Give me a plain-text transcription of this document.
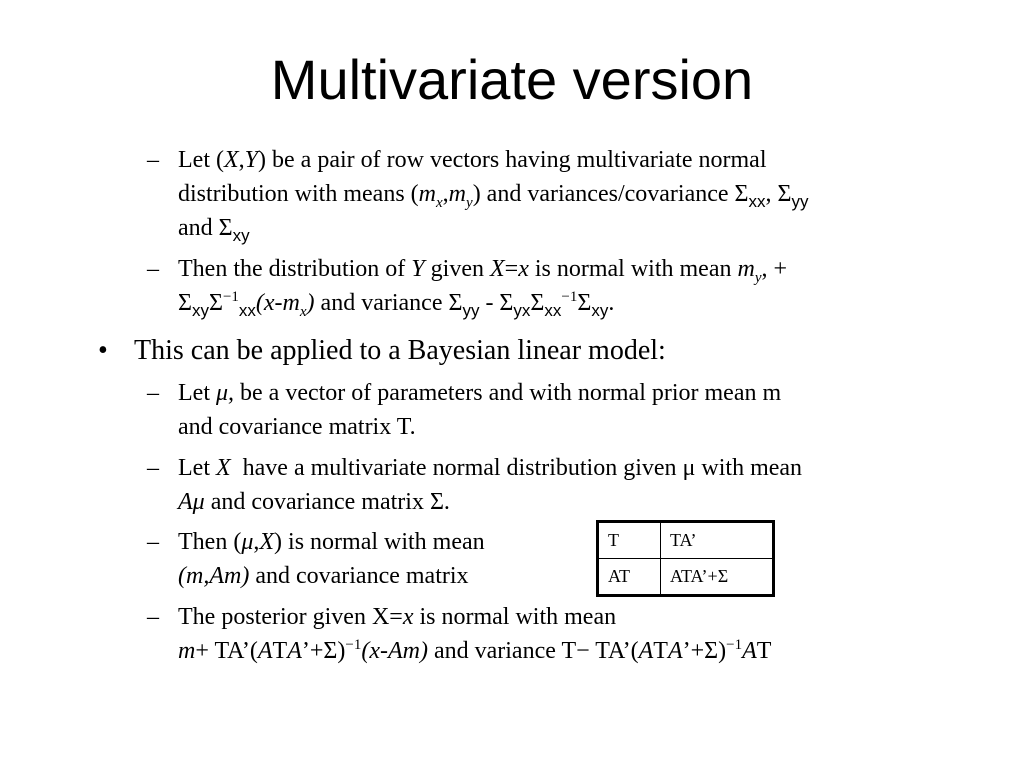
Multivariate version
– Let (X,Y) be a pair of row vectors having multivariate normal
distribution with means $(m_x,m_y)$ and variances/covariance $\Sigma_{xx}$, $\Sigma_{yy}$
and $\Sigma_{xy}$
– Then the distribution of Y given X=x is normal with mean $m_y$, +
$\Sigma_{xy}\Sigma^{-1}_{xx}(x-m_x)$ and variance $\Sigma_{yy} - \Sigma_{yx}\Sigma_{xx}^{-1}\Sigma_{xy}$.
• This can be applied to a Bayesian linear model:
– Let μ, be a vector of parameters and with normal prior mean m
and covariance matrix T.
– Let X  have a multivariate normal distribution given μ with mean
Aμ and covariance matrix Σ.
– Then (μ,X) is normal with mean
(m,Am) and covariance matrix
T	TA’
AT	ATA’+Σ
– The posterior given X=x is normal with mean
m+ TA’(ATA’+Σ)$^{-1}$(x-Am) and variance T− TA’(ATA’+Σ)$^{-1}$AT
